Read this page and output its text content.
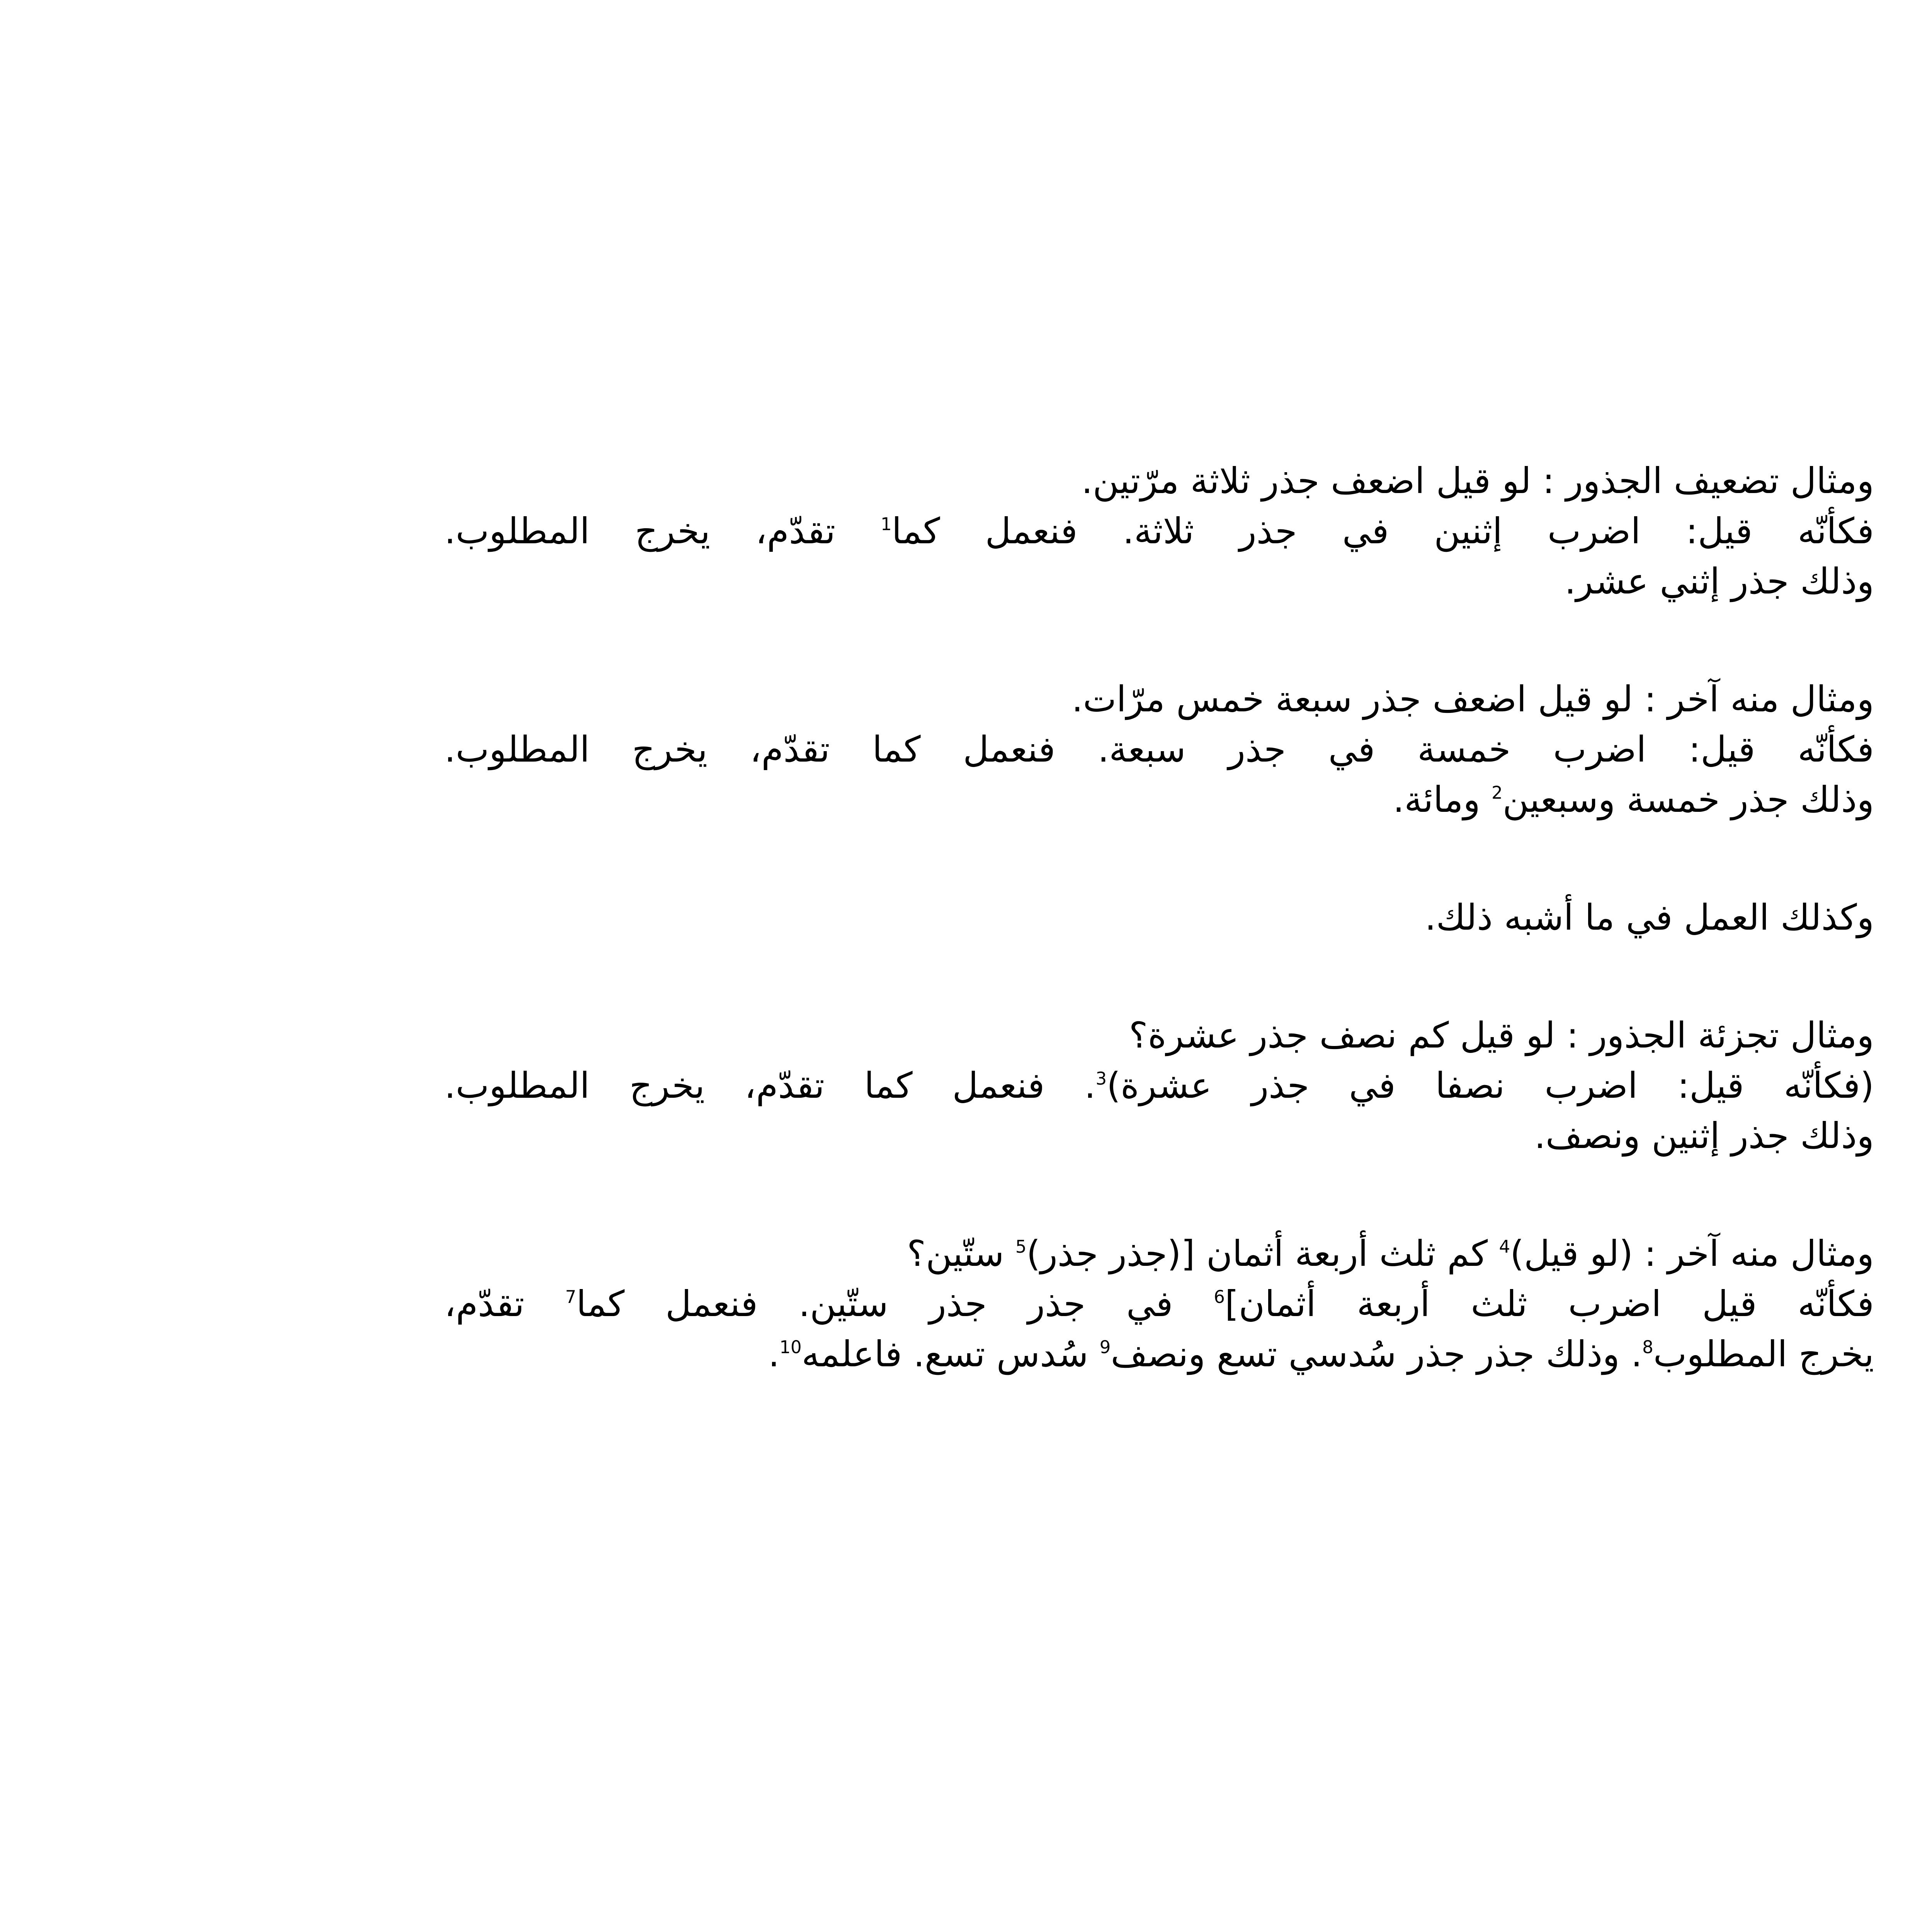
ومثال تضعيف الجذور : لو قيل اضعف جذر ثلاثة مرّتين.
فكأنّه قيل: اضرب إثنين في جذر ثلاثة. فنعمل كما$^1$ تقدّم، يخرج المطلوب.
وذلك جذر إثني عشر.

ومثال منه آخر : لو قيل اضعف جذر سبعة خمس مرّات.
فكأنّه قيل: اضرب خمسة في جذر سبعة. فنعمل كما تقدّم، يخرج المطلوب.
وذلك جذر خمسة وسبعين$^2$ ومائة.

وكذلك العمل في ما أشبه ذلك.

ومثال تجزئة الجذور : لو قيل كم نصف جذر عشرة؟
(فكأنّه قيل: اضرب نصفا في جذر عشرة)$^3$. فنعمل كما تقدّم، يخرج المطلوب.
وذلك جذر إثنين ونصف.

ومثال منه آخر : (لو قيل)$^4$ كم ثلث أربعة أثمان [(جذر جذر)$^5$ ستّين؟
فكأنّه قيل اضرب ثلث أربعة أثمان]$^6$ في جذر جذر ستّين. فنعمل كما$^7$ تقدّم،
يخرج المطلوب$^8$. وذلك جذر جذر سُدسي تسع ونصف$^9$ سُدس تسع. فاعلمه$^{10}$.
